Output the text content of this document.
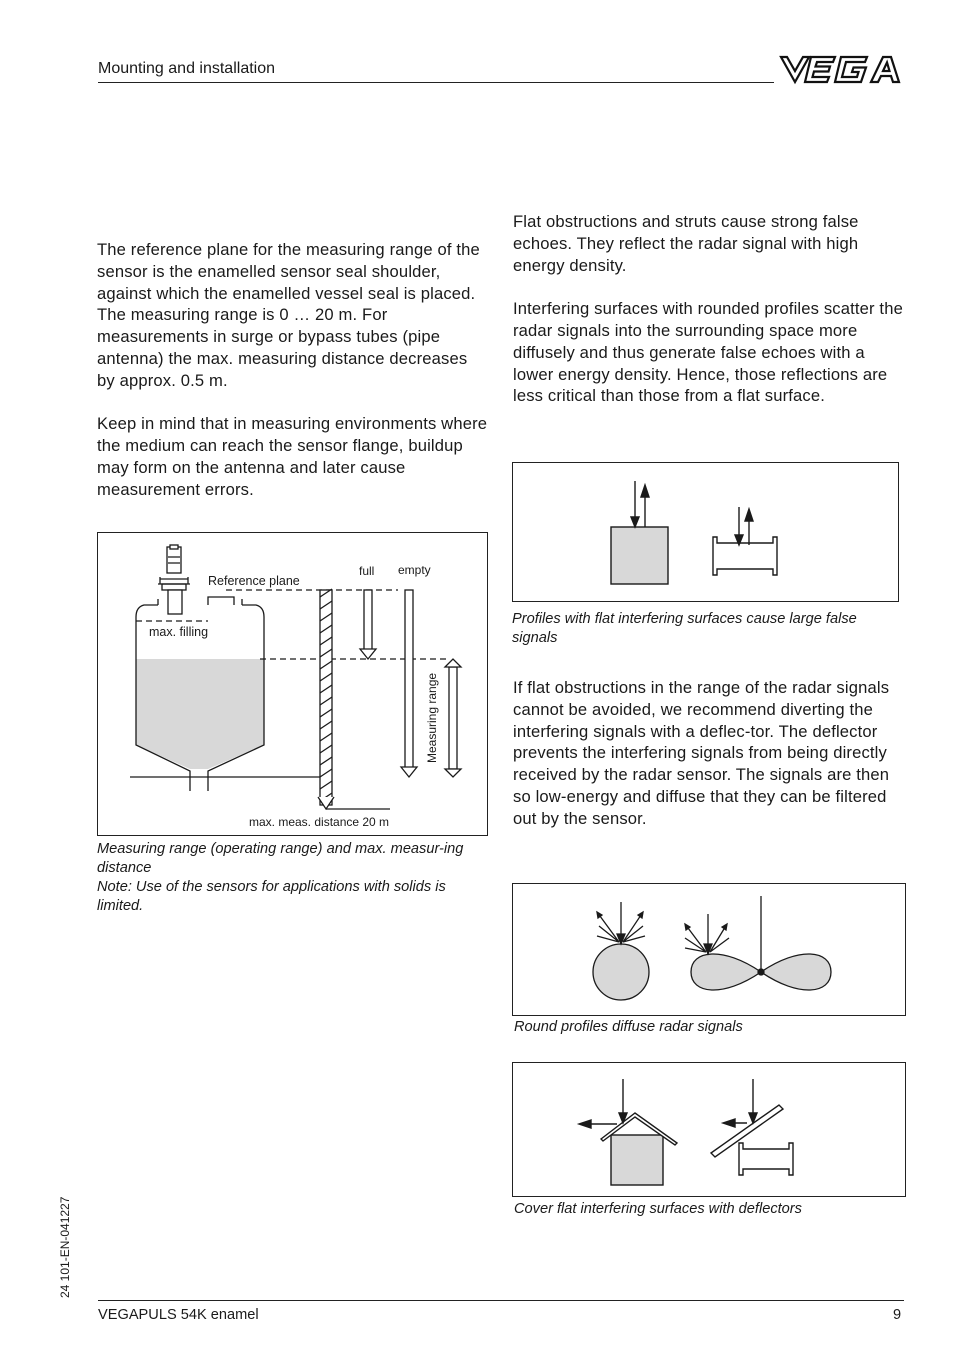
Mounting and installation

The reference plane for the measuring range of the sensor is the enamelled sensor seal shoulder, against which the enamelled vessel seal is placed. The measuring range is 0 … 20 m. For measurements in surge or bypass tubes (pipe antenna) the max. measuring distance decreases by approx. 0.5 m.

Keep in mind that in measuring environments where the medium can reach the sensor flange, buildup may form on the antenna and later cause measurement errors.

Reference plane
full empty
max. filling
Measuring range
max. meas. distance 20 m
Measuring range (operating range) and max. measur-ing distance
Note: Use of the sensors for applications with solids is limited.

Flat obstructions and struts cause strong false echoes. They reflect the radar signal with high energy density.

Interfering surfaces with rounded profiles scatter the radar signals into the surrounding space more diffusely and thus generate false echoes with a lower energy density. Hence, those reflections are less critical than those from a flat surface.

Profiles with flat interfering surfaces cause large false signals

If flat obstructions in the range of the radar signals cannot be avoided, we recommend diverting the interfering signals with a deflec-tor. The deflector prevents the interfering signals from being directly received by the radar sensor. The signals are then so low-energy and diffuse that they can be filtered out by the sensor.

Round profiles diffuse radar signals
Cover flat interfering surfaces with deflectors
24 101-EN-041227
VEGAPULS 54K enamel	9
